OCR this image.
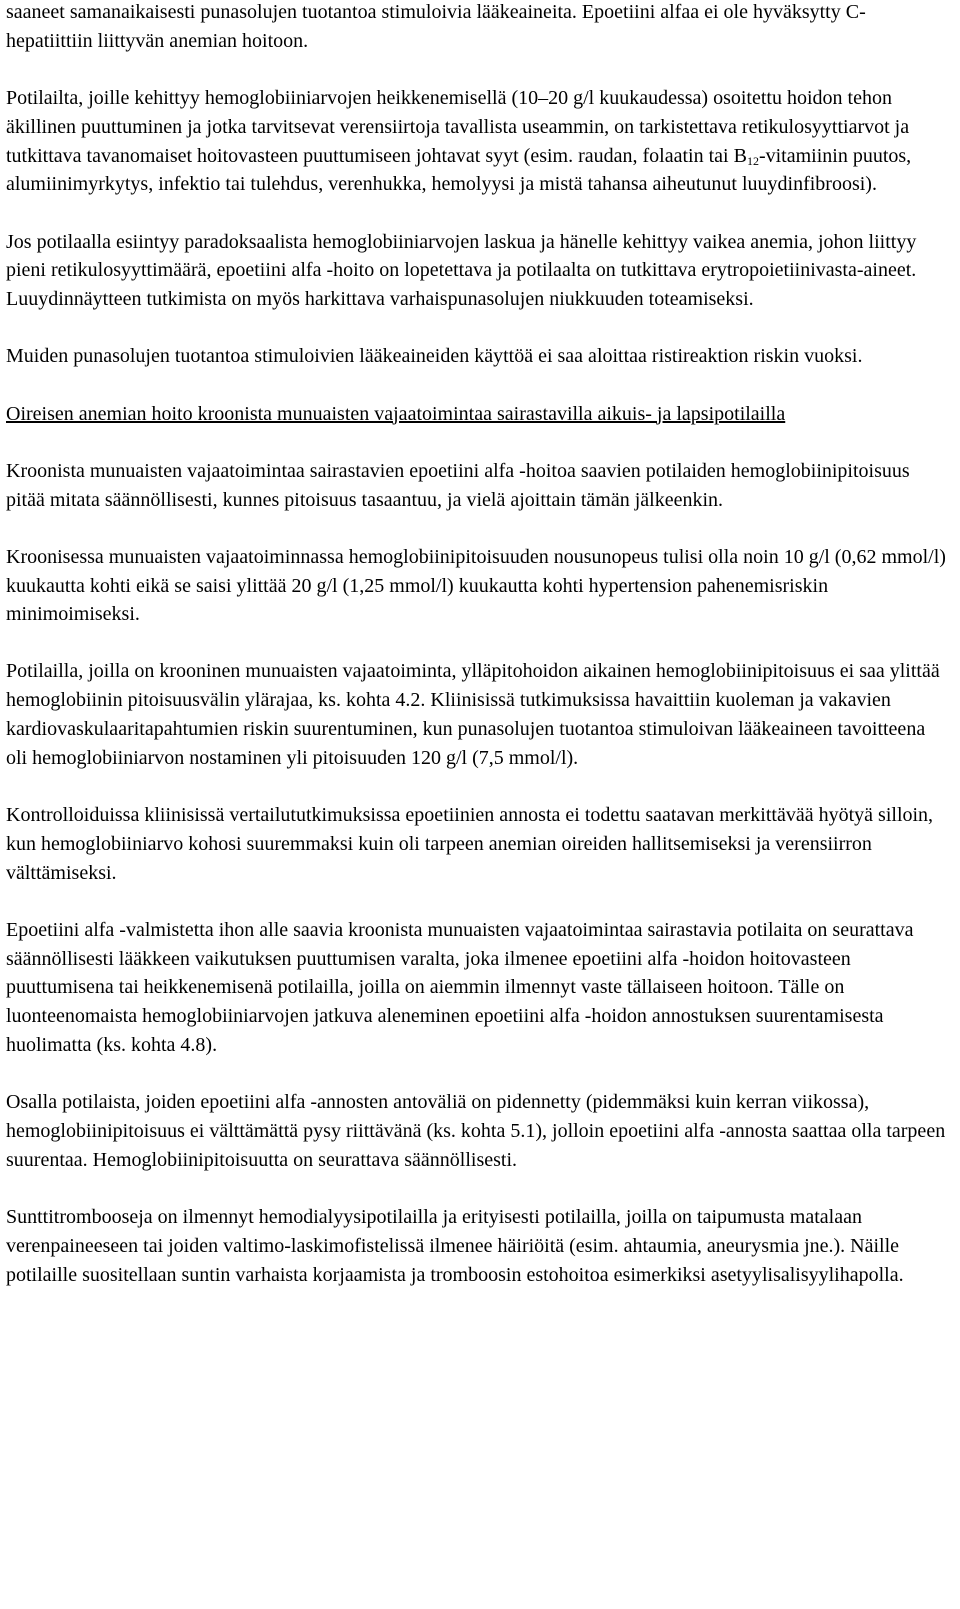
saaneet samanaikaisesti punasolujen tuotantoa stimuloivia lääkeaineita. Epoetiini alfaa ei ole hyväksytty C-hepatiittiin liittyvän anemian hoitoon.

Potilailta, joille kehittyy hemoglobiiniarvojen heikkenemisellä (10–20 g/l kuukaudessa) osoitettu hoidon tehon äkillinen puuttuminen ja jotka tarvitsevat verensiirtoja tavallista useammin, on tarkistettava retikulosyyttiarvot ja tutkittava tavanomaiset hoitovasteen puuttumiseen johtavat syyt (esim. raudan, folaatin tai $B_{12}$-vitamiinin puutos, alumiinimyrkytys, infektio tai tulehdus, verenhukka, hemolyysi ja mistä tahansa aiheutunut luuydinfibroosi).

Jos potilaalla esiintyy paradoksaalista hemoglobiiniarvojen laskua ja hänelle kehittyy vaikea anemia, johon liittyy pieni retikulosyyttimäärä, epoetiini alfa -hoito on lopetettava ja potilaalta on tutkittava erytropoietiinivasta-aineet. Luuydinnäytteen tutkimista on myös harkittava varhaispunasolujen niukkuuden toteamiseksi.

Muiden punasolujen tuotantoa stimuloivien lääkeaineiden käyttöä ei saa aloittaa ristireaktion riskin vuoksi.

Oireisen anemian hoito kroonista munuaisten vajaatoimintaa sairastavilla aikuis- ja lapsipotilailla

Kroonista munuaisten vajaatoimintaa sairastavien epoetiini alfa -hoitoa saavien potilaiden hemoglobiinipitoisuus pitää mitata säännöllisesti, kunnes pitoisuus tasaantuu, ja vielä ajoittain tämän jälkeenkin.

Kroonisessa munuaisten vajaatoiminnassa hemoglobiinipitoisuuden nousunopeus tulisi olla noin 10 g/l (0,62 mmol/l) kuukautta kohti eikä se saisi ylittää 20 g/l (1,25 mmol/l) kuukautta kohti hypertension pahenemisriskin minimoimiseksi.

Potilailla, joilla on krooninen munuaisten vajaatoiminta, ylläpitohoidon aikainen hemoglobiinipitoisuus ei saa ylittää hemoglobiinin pitoisuusvälin ylärajaa, ks. kohta 4.2. Kliinisissä tutkimuksissa havaittiin kuoleman ja vakavien kardiovaskulaaritapahtumien riskin suurentuminen, kun punasolujen tuotantoa stimuloivan lääkeaineen tavoitteena oli hemoglobiiniarvon nostaminen yli pitoisuuden 120 g/l (7,5 mmol/l).

Kontrolloiduissa kliinisissä vertailututkimuksissa epoetiinien annosta ei todettu saatavan merkittävää hyötyä silloin, kun hemoglobiiniarvo kohosi suuremmaksi kuin oli tarpeen anemian oireiden hallitsemiseksi ja verensiirron välttämiseksi.

Epoetiini alfa -valmistetta ihon alle saavia kroonista munuaisten vajaatoimintaa sairastavia potilaita on seurattava säännöllisesti lääkkeen vaikutuksen puuttumisen varalta, joka ilmenee epoetiini alfa -hoidon hoitovasteen puuttumisena tai heikkenemisenä potilailla, joilla on aiemmin ilmennyt vaste tällaiseen hoitoon. Tälle on luonteenomaista hemoglobiiniarvojen jatkuva aleneminen epoetiini alfa -hoidon annostuksen suurentamisesta huolimatta (ks. kohta 4.8).

Osalla potilaista, joiden epoetiini alfa -annosten antoväliä on pidennetty (pidemmäksi kuin kerran viikossa), hemoglobiinipitoisuus ei välttämättä pysy riittävänä (ks. kohta 5.1), jolloin epoetiini alfa -annosta saattaa olla tarpeen suurentaa. Hemoglobiinipitoisuutta on seurattava säännöllisesti.

Sunttitrombooseja on ilmennyt hemodialyysipotilailla ja erityisesti potilailla, joilla on taipumusta matalaan verenpaineeseen tai joiden valtimo-laskimofistelissä ilmenee häiriöitä (esim. ahtaumia, aneurysmia jne.). Näille potilaille suositellaan suntin varhaista korjaamista ja tromboosin estohoitoa esimerkiksi asetyylisalisyylihapolla.
